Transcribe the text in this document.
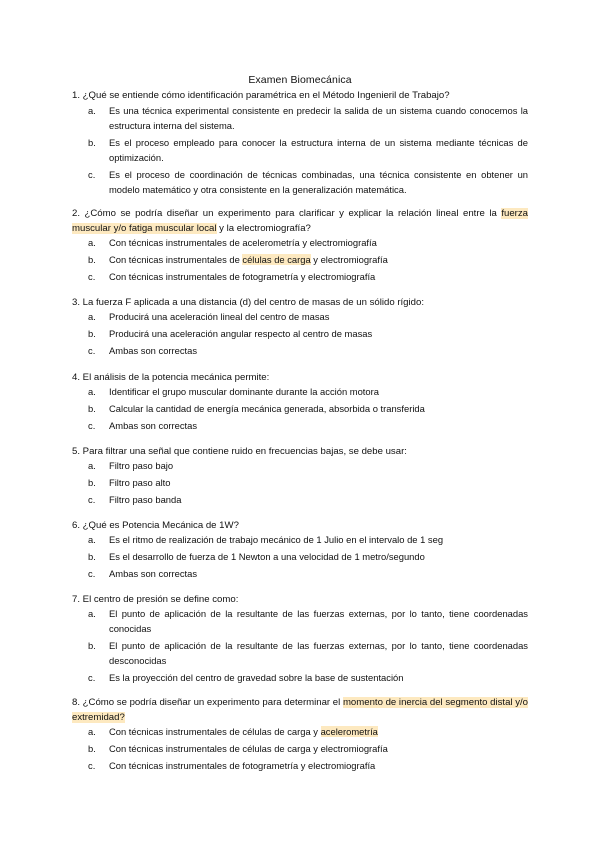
Examen Biomecánica
1. ¿Qué se entiende cómo identificación paramétrica en el Método Ingenieril de Trabajo?
a. Es una técnica experimental consistente en predecir la salida de un sistema cuando conocemos la estructura interna del sistema.
b. Es el proceso empleado para conocer la estructura interna de un sistema mediante técnicas de optimización.
c. Es el proceso de coordinación de técnicas combinadas, una técnica consistente en obtener un modelo matemático y otra consistente en la generalización matemática.
2. ¿Cómo se podría diseñar un experimento para clarificar y explicar la relación lineal entre la fuerza muscular y/o fatiga muscular local y la electromiografía?
a. Con técnicas instrumentales de acelerometría y electromiografía
b. Con técnicas instrumentales de células de carga y electromiografía
c. Con técnicas instrumentales de fotogrametría y electromiografía
3. La fuerza F aplicada a una distancia (d) del centro de masas de un sólido rígido:
a. Producirá una aceleración lineal del centro de masas
b. Producirá una aceleración angular respecto al centro de masas
c. Ambas son correctas
4. El análisis de la potencia mecánica permite:
a. Identificar el grupo muscular dominante durante la acción motora
b. Calcular la cantidad de energía mecánica generada, absorbida o transferida
c. Ambas son correctas
5. Para filtrar una señal que contiene ruido en frecuencias bajas, se debe usar:
a. Filtro paso bajo
b. Filtro paso alto
c. Filtro paso banda
6. ¿Qué es Potencia Mecánica de 1W?
a. Es el ritmo de realización de trabajo mecánico de 1 Julio en el intervalo de 1 seg
b. Es el desarrollo de fuerza de 1 Newton a una velocidad de 1 metro/segundo
c. Ambas son correctas
7. El centro de presión se define como:
a. El punto de aplicación de la resultante de las fuerzas externas, por lo tanto, tiene coordenadas conocidas
b. El punto de aplicación de la resultante de las fuerzas externas, por lo tanto, tiene coordenadas desconocidas
c. Es la proyección del centro de gravedad sobre la base de sustentación
8. ¿Cómo se podría diseñar un experimento para determinar el momento de inercia del segmento distal y/o extremidad?
a. Con técnicas instrumentales de células de carga y acelerometría
b. Con técnicas instrumentales de células de carga y electromiografía
c. Con técnicas instrumentales de fotogrametría y electromiografía
